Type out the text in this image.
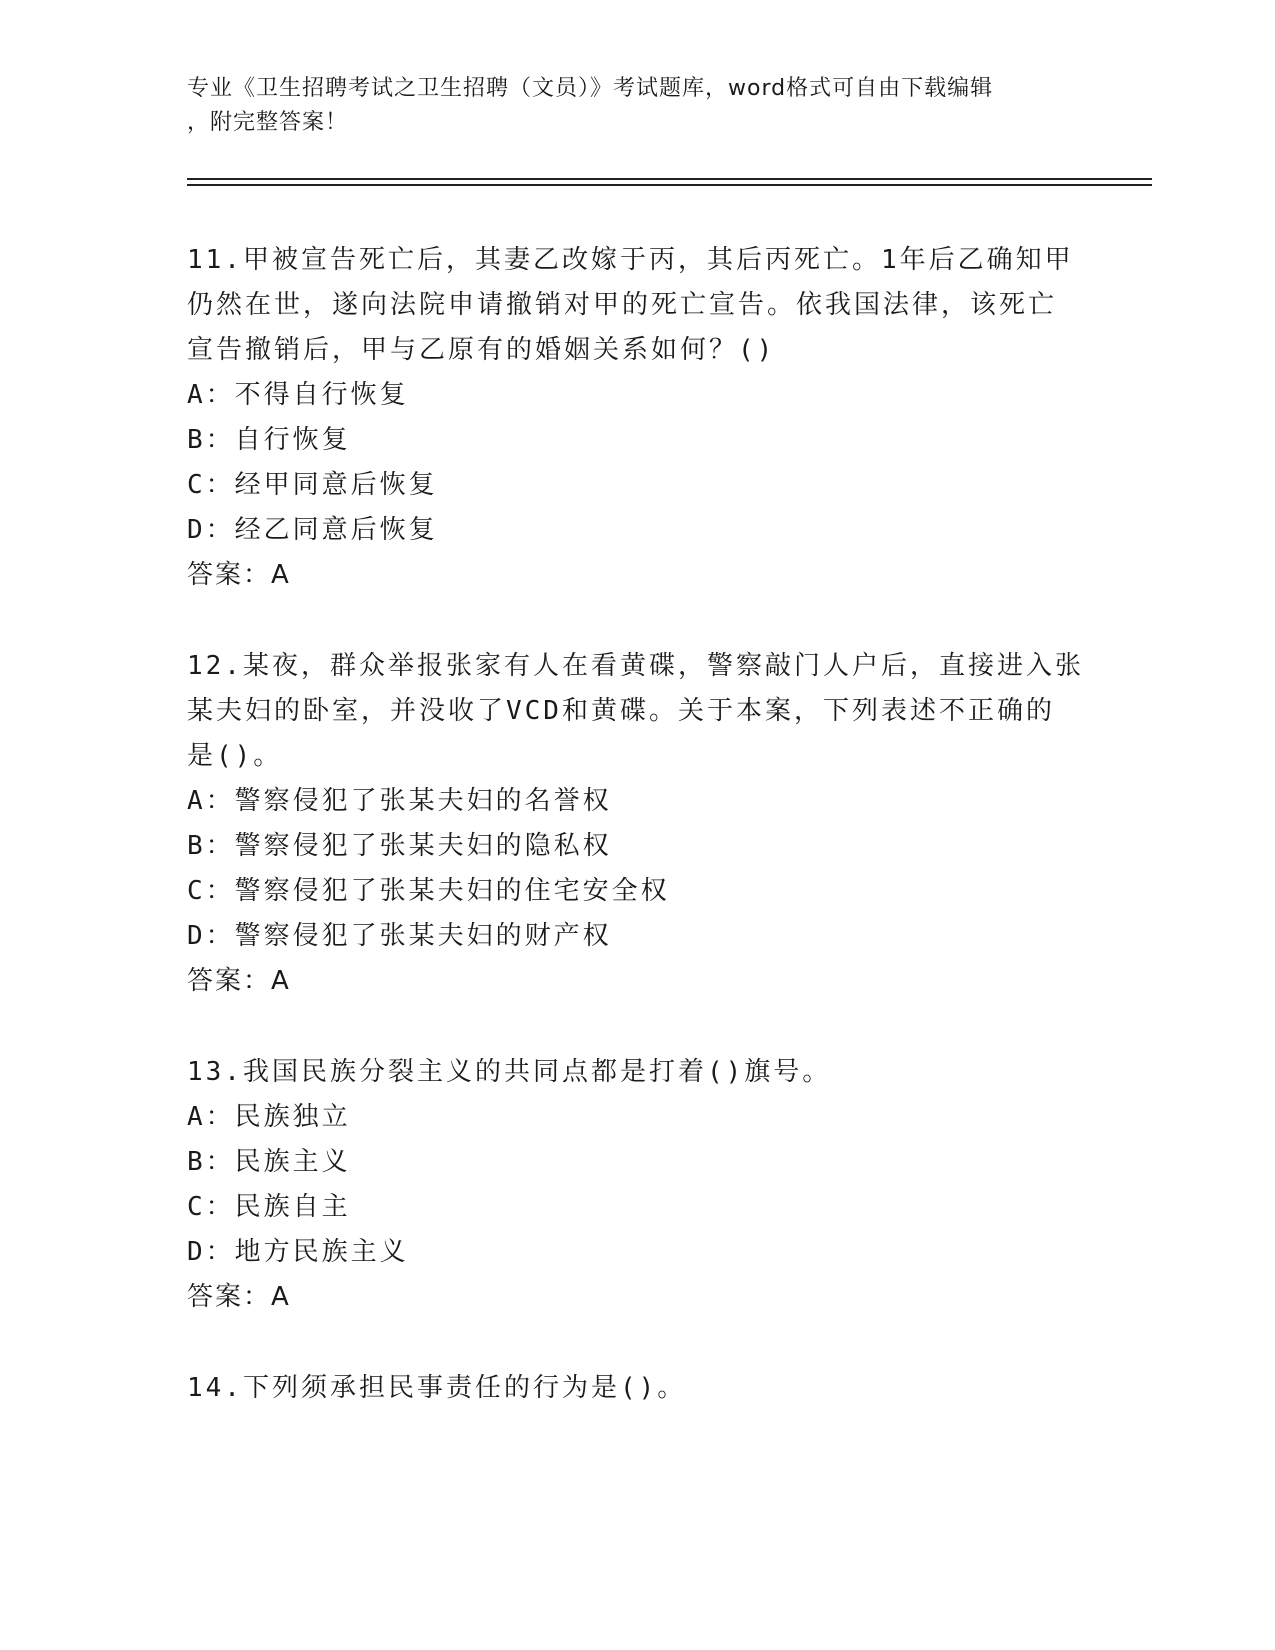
专业《卫生招聘考试之卫生招聘（文员）》考试题库，word格式可自由下载编辑
，附完整答案！
11.甲被宣告死亡后，其妻乙改嫁于丙，其后丙死亡。1年后乙确知甲
仍然在世，遂向法院申请撤销对甲的死亡宣告。依我国法律，该死亡
宣告撤销后，甲与乙原有的婚姻关系如何？()
A：不得自行恢复
B：自行恢复
C：经甲同意后恢复
D：经乙同意后恢复
答案：A
12.某夜，群众举报张家有人在看黄碟，警察敲门人户后，直接进入张
某夫妇的卧室，并没收了VCD和黄碟。关于本案，下列表述不正确的
是()。
A：警察侵犯了张某夫妇的名誉权
B：警察侵犯了张某夫妇的隐私权
C：警察侵犯了张某夫妇的住宅安全权
D：警察侵犯了张某夫妇的财产权
答案：A
13.我国民族分裂主义的共同点都是打着()旗号。
A：民族独立
B：民族主义
C：民族自主
D：地方民族主义
答案：A
14.下列须承担民事责任的行为是()。
